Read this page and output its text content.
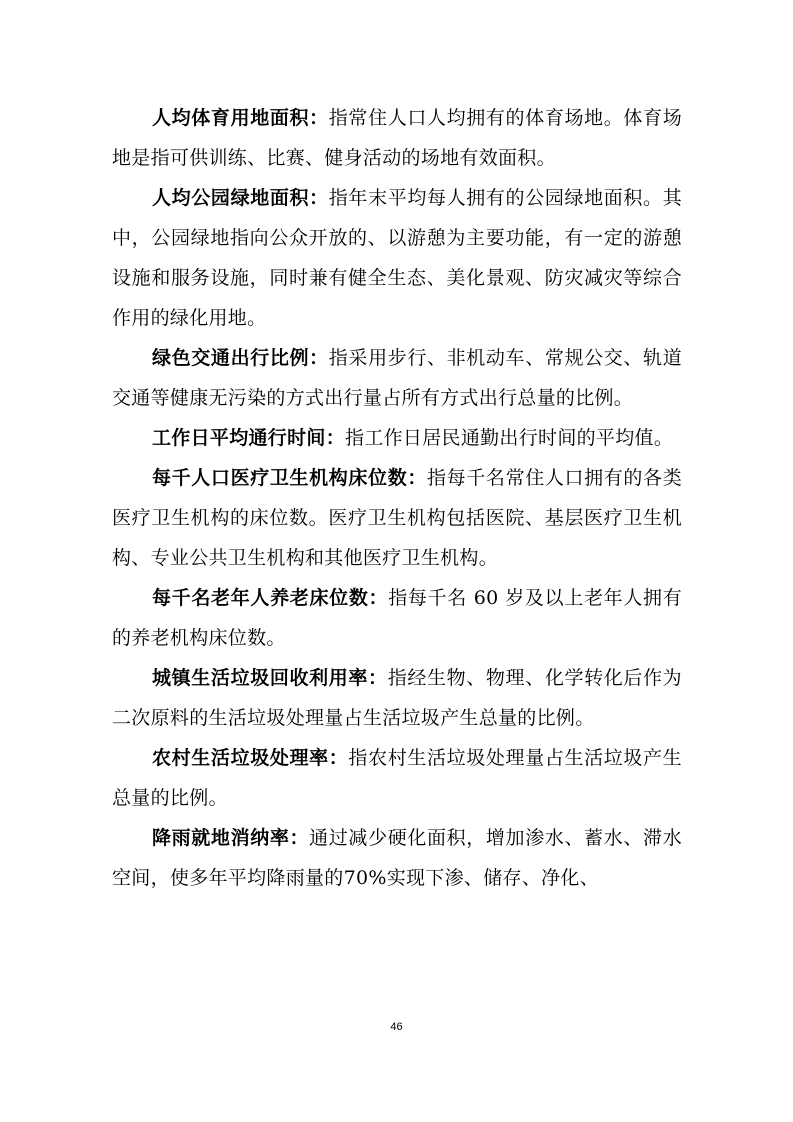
人均体育用地面积：指常住人口人均拥有的体育场地。体育场地是指可供训练、比赛、健身活动的场地有效面积。

人均公园绿地面积：指年末平均每人拥有的公园绿地面积。其中，公园绿地指向公众开放的、以游憩为主要功能，有一定的游憩设施和服务设施，同时兼有健全生态、美化景观、防灾减灾等综合作用的绿化用地。

绿色交通出行比例：指采用步行、非机动车、常规公交、轨道交通等健康无污染的方式出行量占所有方式出行总量的比例。

工作日平均通行时间：指工作日居民通勤出行时间的平均值。

每千人口医疗卫生机构床位数：指每千名常住人口拥有的各类医疗卫生机构的床位数。医疗卫生机构包括医院、基层医疗卫生机构、专业公共卫生机构和其他医疗卫生机构。

每千名老年人养老床位数：指每千名 60 岁及以上老年人拥有的养老机构床位数。

城镇生活垃圾回收利用率：指经生物、物理、化学转化后作为二次原料的生活垃圾处理量占生活垃圾产生总量的比例。

农村生活垃圾处理率：指农村生活垃圾处理量占生活垃圾产生总量的比例。

降雨就地消纳率：通过减少硬化面积，增加渗水、蓄水、滞水空间，使多年平均降雨量的70%实现下渗、储存、净化、

46
